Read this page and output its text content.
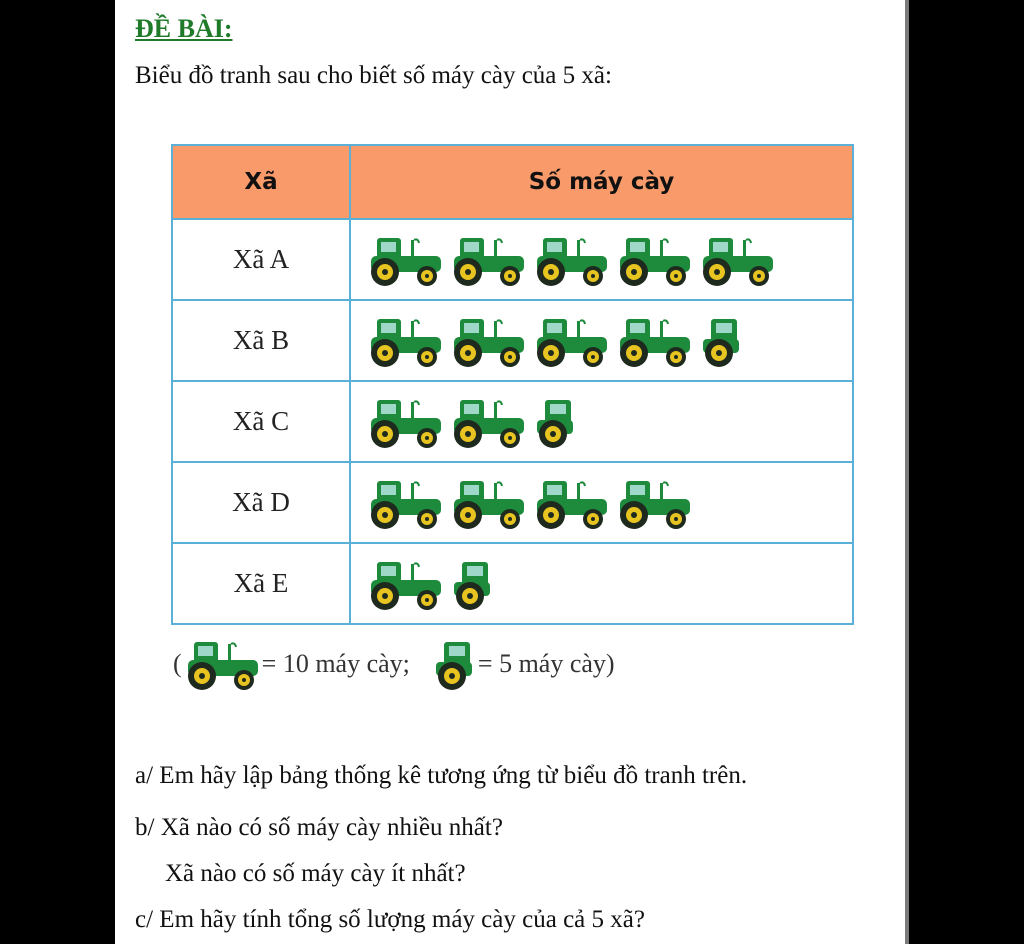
ĐỀ BÀI:
Biểu đồ tranh sau cho biết số máy cày của 5 xã:
Xã	Số máy cày
Xã A	

Xã B	

Xã C	

Xã D	

Xã E	
(	= 10 máy cày;	= 5 máy cày)
a/ Em hãy lập bảng thống kê tương ứng từ biểu đồ tranh trên.
b/ Xã nào có số máy cày nhiều nhất?
Xã nào có số máy cày ít nhất?
c/ Em hãy tính tổng số lượng máy cày của cả 5 xã?
